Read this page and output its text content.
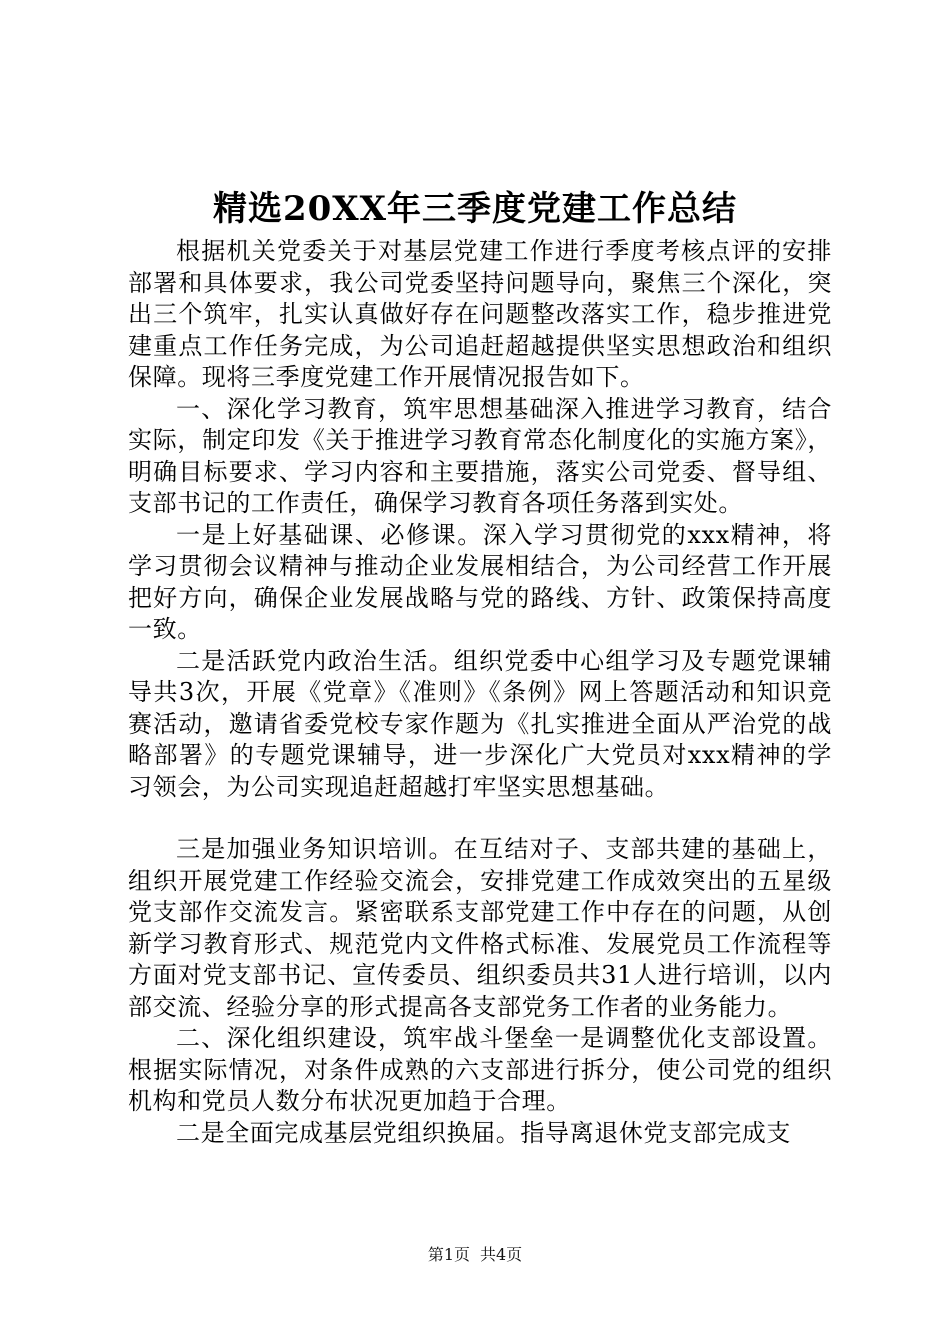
精选20XX年三季度党建工作总结

根据机关党委关于对基层党建工作进行季度考核点评的安排部署和具体要求，我公司党委坚持问题导向，聚焦三个深化，突出三个筑牢，扎实认真做好存在问题整改落实工作，稳步推进党建重点工作任务完成，为公司追赶超越提供坚实思想政治和组织保障。现将三季度党建工作开展情况报告如下。

一、深化学习教育，筑牢思想基础深入推进学习教育，结合实际，制定印发《关于推进学习教育常态化制度化的实施方案》，明确目标要求、学习内容和主要措施，落实公司党委、督导组、支部书记的工作责任，确保学习教育各项任务落到实处。

一是上好基础课、必修课。深入学习贯彻党的xxx精神，将学习贯彻会议精神与推动企业发展相结合，为公司经营工作开展把好方向，确保企业发展战略与党的路线、方针、政策保持高度一致。

二是活跃党内政治生活。组织党委中心组学习及专题党课辅导共3次，开展《党章》《准则》《条例》网上答题活动和知识竞赛活动，邀请省委党校专家作题为《扎实推进全面从严治党的战略部署》的专题党课辅导，进一步深化广大党员对xxx精神的学习领会，为公司实现追赶超越打牢坚实思想基础。

三是加强业务知识培训。在互结对子、支部共建的基础上，组织开展党建工作经验交流会，安排党建工作成效突出的五星级党支部作交流发言。紧密联系支部党建工作中存在的问题，从创新学习教育形式、规范党内文件格式标准、发展党员工作流程等方面对党支部书记、宣传委员、组织委员共31人进行培训，以内部交流、经验分享的形式提高各支部党务工作者的业务能力。

二、深化组织建设，筑牢战斗堡垒一是调整优化支部设置。根据实际情况，对条件成熟的六支部进行拆分，使公司党的组织机构和党员人数分布状况更加趋于合理。

二是全面完成基层党组织换届。指导离退休党支部完成支

第1页 共4页
